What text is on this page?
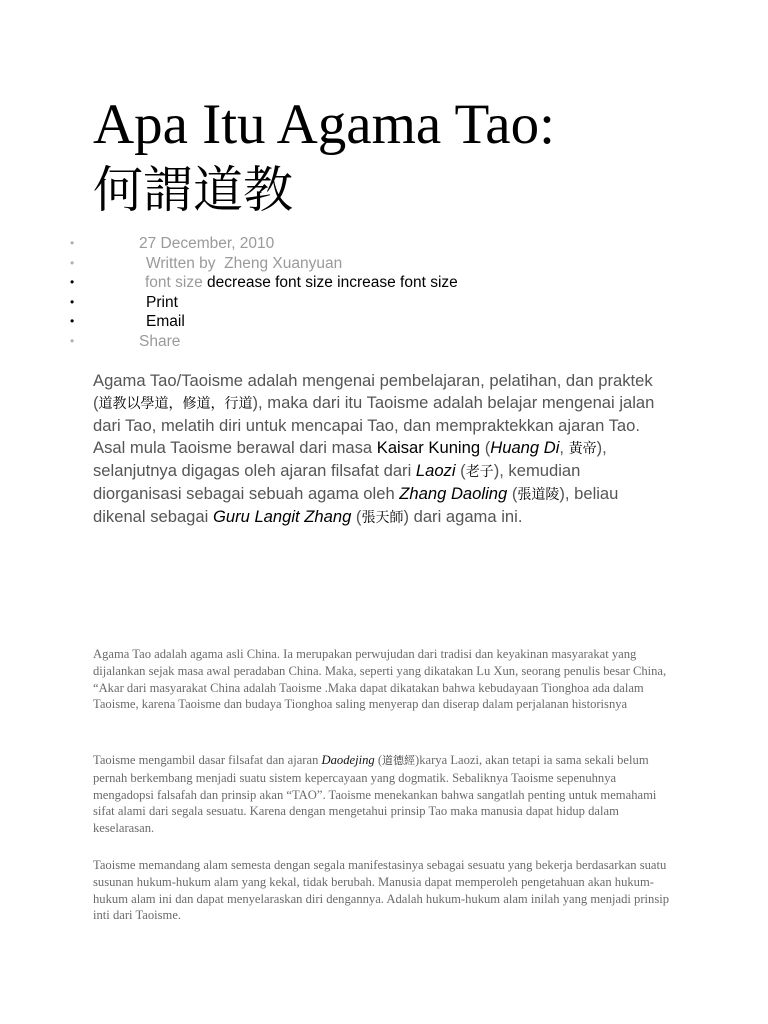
Apa Itu Agama Tao:
何謂道教
•	27 December, 2010
•	Written by Zheng Xuanyuan
•	font size decrease font size increase font size
•	Print
•	Email
•	Share

Agama Tao/Taoisme adalah mengenai pembelajaran, pelatihan, dan praktek (道教以學道，修道，行道), maka dari itu Taoisme adalah belajar mengenai jalan dari Tao, melatih diri untuk mencapai Tao, dan mempraktekkan ajaran Tao. Asal mula Taoisme berawal dari masa Kaisar Kuning (Huang Di, 黃帝), selanjutnya digagas oleh ajaran filsafat dari Laozi (老子), kemudian diorganisasi sebagai sebuah agama oleh Zhang Daoling (張道陵), beliau dikenal sebagai Guru Langit Zhang (張天師) dari agama ini.

Agama Tao adalah agama asli China. Ia merupakan perwujudan dari tradisi dan keyakinan masyarakat yang dijalankan sejak masa awal peradaban China. Maka, seperti yang dikatakan Lu Xun, seorang penulis besar China, “Akar dari masyarakat China adalah Taoisme .Maka dapat dikatakan bahwa kebudayaan Tionghoa ada dalam Taoisme, karena Taoisme dan budaya Tionghoa saling menyerap dan diserap dalam perjalanan historisnya

Taoisme mengambil dasar filsafat dan ajaran Daodejing (道德經)karya Laozi, akan tetapi ia sama sekali belum pernah berkembang menjadi suatu sistem kepercayaan yang dogmatik. Sebaliknya Taoisme sepenuhnya mengadopsi falsafah dan prinsip akan “TAO”. Taoisme menekankan bahwa sangatlah penting untuk memahami sifat alami dari segala sesuatu. Karena dengan mengetahui prinsip Tao maka manusia dapat hidup dalam keselarasan.

Taoisme memandang alam semesta dengan segala manifestasinya sebagai sesuatu yang bekerja berdasarkan suatu susunan hukum-hukum alam yang kekal, tidak berubah. Manusia dapat memperoleh pengetahuan akan hukum-hukum alam ini dan dapat menyelaraskan diri dengannya. Adalah hukum-hukum alam inilah yang menjadi prinsip inti dari Taoisme.
